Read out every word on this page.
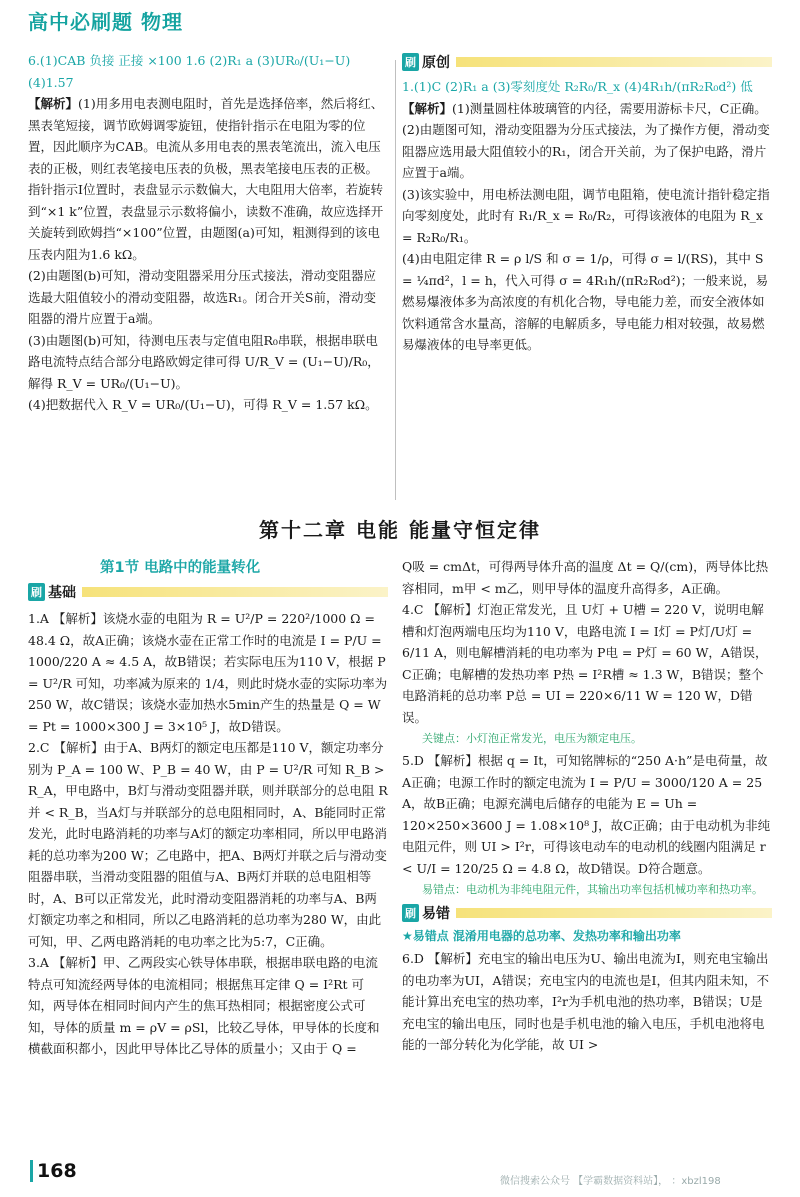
高中必刷题 物理

6.(1)CAB 负接 正接 ×100 1.6 (2)R₁ a (3)UR₀/(U₁−U)

(4)1.57

【解析】(1)用多用电表测电阻时，首先是选择倍率，然后将红、黑表笔短接，调节欧姆调零旋钮，使指针指示在电阻为零的位置，因此顺序为CAB。电流从多用电表的黑表笔流出，流入电压表的正极，则红表笔接电压表的负极，黑表笔接电压表的正极。指针指示Ⅰ位置时，表盘显示示数偏大，大电阻用大倍率，若旋转到“×1 k”位置，表盘显示示数将偏小，读数不准确，故应选择开关旋转到欧姆挡“×100”位置，由题图(a)可知，粗测得到的该电压表内阻为1.6 kΩ。

(2)由题图(b)可知，滑动变阻器采用分压式接法，滑动变阻器应选最大阻值较小的滑动变阻器，故选R₁。闭合开关S前，滑动变阻器的滑片应置于a端。

(3)由题图(b)可知，待测电压表与定值电阻R₀串联，根据串联电路电流特点结合部分电路欧姆定律可得 U/R_V = (U₁−U)/R₀，解得 R_V = UR₀/(U₁−U)。

(4)把数据代入 R_V = UR₀/(U₁−U)，可得 R_V = 1.57 kΩ。

刷 原创

1.(1)C (2)R₁ a (3)零刻度处 R₂R₀/R_x (4)4R₁h/(πR₂R₀d²) 低

【解析】(1)测量圆柱体玻璃管的内径，需要用游标卡尺，C正确。

(2)由题图可知，滑动变阻器为分压式接法，为了操作方便，滑动变阻器应选用最大阻值较小的R₁，闭合开关前，为了保护电路，滑片应置于a端。

(3)该实验中，用电桥法测电阻，调节电阻箱，使电流计指针稳定指向零刻度处，此时有 R₁/R_x = R₀/R₂，可得该液体的电阻为 R_x = R₂R₀/R₁。

(4)由电阻定律 R = ρ l/S 和 σ = 1/ρ，可得 σ = l/(RS)，其中 S = ¼πd²，l = h，代入可得 σ = 4R₁h/(πR₂R₀d²)；一般来说，易燃易爆液体多为高浓度的有机化合物，导电能力差，而安全液体如饮料通常含水量高，溶解的电解质多，导电能力相对较强，故易燃易爆液体的电导率更低。

第十二章 电能 能量守恒定律
第1节 电路中的能量转化
刷 基础

1.A 【解析】该烧水壶的电阻为 R = U²/P = 220²/1000 Ω = 48.4 Ω，故A正确；该烧水壶在正常工作时的电流是 I = P/U = 1000/220 A ≈ 4.5 A，故B错误；若实际电压为110 V，根据 P = U²/R 可知，功率减为原来的 1/4，则此时烧水壶的实际功率为250 W，故C错误；该烧水壶加热水5min产生的热量是 Q = W = Pt = 1000×300 J = 3×10⁵ J，故D错误。

2.C 【解析】由于A、B两灯的额定电压都是110 V，额定功率分别为 P_A = 100 W、P_B = 40 W，由 P = U²/R 可知 R_B > R_A，甲电路中，B灯与滑动变阻器并联，则并联部分的总电阻 R并 < R_B，当A灯与并联部分的总电阻相同时，A、B能同时正常发光，此时电路消耗的功率与A灯的额定功率相同，所以甲电路消耗的总功率为200 W；乙电路中，把A、B两灯并联之后与滑动变阻器串联，当滑动变阻器的阻值与A、B两灯并联的总电阻相等时，A、B可以正常发光，此时滑动变阻器消耗的功率与A、B两灯额定功率之和相同，所以乙电路消耗的总功率为280 W，由此可知，甲、乙两电路消耗的电功率之比为5:7，C正确。

3.A 【解析】甲、乙两段实心铁导体串联，根据串联电路的电流特点可知流经两导体的电流相同；根据焦耳定律 Q = I²Rt 可知，两导体在相同时间内产生的焦耳热相同；根据密度公式可知，导体的质量 m = ρV = ρSl，比较乙导体，甲导体的长度和横截面积都小，因此甲导体比乙导体的质量小；又由于 Q =

Q吸 = cmΔt，可得两导体升高的温度 Δt = Q/(cm)，两导体比热容相同，m甲 < m乙，则甲导体的温度升高得多，A正确。

4.C 【解析】灯泡正常发光，且 U灯 + U槽 = 220 V，说明电解槽和灯泡两端电压均为110 V，电路电流 I = I灯 = P灯/U灯 = 6/11 A，则电解槽消耗的电功率为 P电 = P灯 = 60 W，A错误，C正确；电解槽的发热功率 P热 = I²R槽 ≈ 1.3 W，B错误；整个电路消耗的总功率 P总 = UI = 220×6/11 W = 120 W，D错误。

关键点：小灯泡正常发光，电压为额定电压。

5.D 【解析】根据 q = It，可知铭牌标的“250 A·h”是电荷量，故A正确；电源工作时的额定电流为 I = P/U = 3000/120 A = 25 A，故B正确；电源充满电后储存的电能为 E = Uh = 120×250×3600 J = 1.08×10⁸ J，故C正确；由于电动机为非纯电阻元件，则 UI > I²r，可得该电动车的电动机的线圈内阻满足 r < U/I = 120/25 Ω = 4.8 Ω，故D错误。D符合题意。

易错点：电动机为非纯电阻元件，其输出功率包括机械功率和热功率。
刷 易错
★易错点 混淆用电器的总功率、发热功率和输出功率

6.D 【解析】充电宝的输出电压为U、输出电流为I，则充电宝输出的电功率为UI，A错误；充电宝内的电流也是I，但其内阻未知，不能计算出充电宝的热功率，I²r为手机电池的热功率，B错误；U是充电宝的输出电压，同时也是手机电池的输入电压，手机电池将电能的一部分转化为化学能，故 UI >

168	微信搜索公众号 【学霸数据资料站】， ：xbzl198
